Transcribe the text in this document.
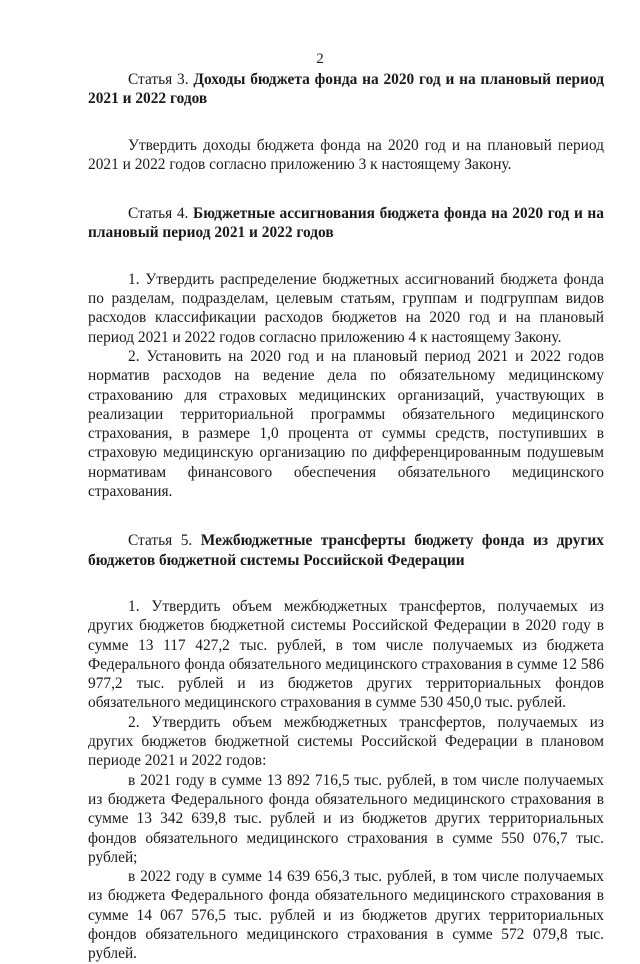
2

Статья 3. Доходы бюджета фонда на 2020 год и на плановый период 2021 и 2022 годов

Утвердить доходы бюджета фонда на 2020 год и на плановый период 2021 и 2022 годов согласно приложению 3 к настоящему Закону.

Статья 4. Бюджетные ассигнования бюджета фонда на 2020 год и на плановый период 2021 и 2022 годов

1. Утвердить распределение бюджетных ассигнований бюджета фонда по разделам, подразделам, целевым статьям, группам и подгруппам видов расходов классификации расходов бюджетов на 2020 год и на плановый период 2021 и 2022 годов согласно приложению 4 к настоящему Закону.

2. Установить на 2020 год и на плановый период 2021 и 2022 годов норматив расходов на ведение дела по обязательному медицинскому страхованию для страховых медицинских организаций, участвующих в реализации территориальной программы обязательного медицинского страхования, в размере 1,0 процента от суммы средств, поступивших в страховую медицинскую организацию по дифференцированным подушевым нормативам финансового обеспечения обязательного медицинского страхования.

Статья 5. Межбюджетные трансферты бюджету фонда из других бюджетов бюджетной системы Российской Федерации

1. Утвердить объем межбюджетных трансфертов, получаемых из других бюджетов бюджетной системы Российской Федерации в 2020 году в сумме 13 117 427,2 тыс. рублей, в том числе получаемых из бюджета Федерального фонда обязательного медицинского страхования в сумме 12 586 977,2 тыс. рублей и из бюджетов других территориальных фондов обязательного медицинского страхования в сумме 530 450,0 тыс. рублей.

2. Утвердить объем межбюджетных трансфертов, получаемых из других бюджетов бюджетной системы Российской Федерации в плановом периоде 2021 и 2022 годов:

в 2021 году в сумме 13 892 716,5 тыс. рублей, в том числе получаемых из бюджета Федерального фонда обязательного медицинского страхования в сумме 13 342 639,8 тыс. рублей и из бюджетов других территориальных фондов обязательного медицинского страхования в сумме 550 076,7 тыс. рублей;

в 2022 году в сумме 14 639 656,3 тыс. рублей, в том числе получаемых из бюджета Федерального фонда обязательного медицинского страхования в сумме 14 067 576,5 тыс. рублей и из бюджетов других территориальных фондов обязательного медицинского страхования в сумме 572 079,8 тыс. рублей.
